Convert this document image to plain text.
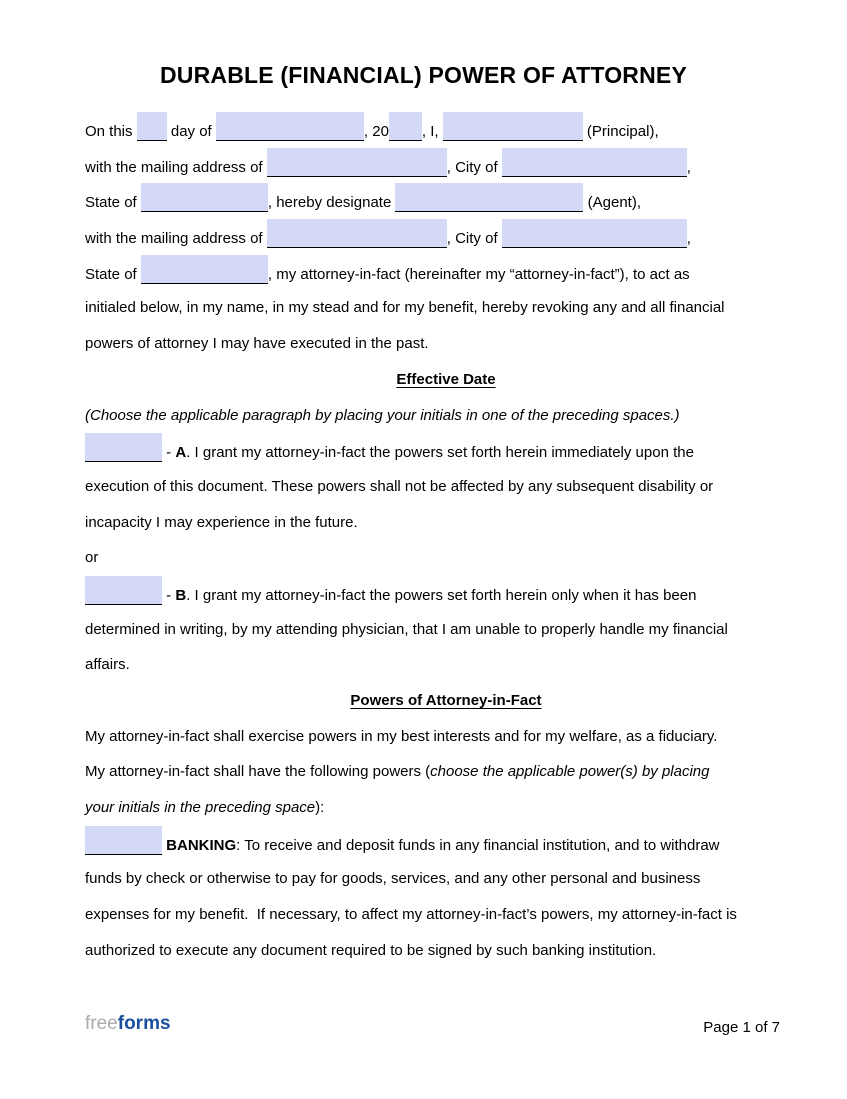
DURABLE (FINANCIAL) POWER OF ATTORNEY
On this  day of	, 20 , I,	(Principal),
with the mailing address of	, City of	,
State of	, hereby designate	(Agent),
with the mailing address of	, City of	,
State of	, my attorney-in-fact (hereinafter my “attorney-in-fact”), to act as
initialed below, in my name, in my stead and for my benefit, hereby revoking any and all financial
powers of attorney I may have executed in the past.
Effective Date
(Choose the applicable paragraph by placing your initials in one of the preceding spaces.)
- A. I grant my attorney-in-fact the powers set forth herein immediately upon the
execution of this document. These powers shall not be affected by any subsequent disability or
incapacity I may experience in the future.
or
- B. I grant my attorney-in-fact the powers set forth herein only when it has been
determined in writing, by my attending physician, that I am unable to properly handle my financial
affairs.
Powers of Attorney-in-Fact
My attorney-in-fact shall exercise powers in my best interests and for my welfare, as a fiduciary.
My attorney-in-fact shall have the following powers (choose the applicable power(s) by placing
your initials in the preceding space):
BANKING: To receive and deposit funds in any financial institution, and to withdraw
funds by check or otherwise to pay for goods, services, and any other personal and business
expenses for my benefit.  If necessary, to affect my attorney-in-fact’s powers, my attorney-in-fact is
authorized to execute any document required to be signed by such banking institution.
freeforms	Page 1 of 7
